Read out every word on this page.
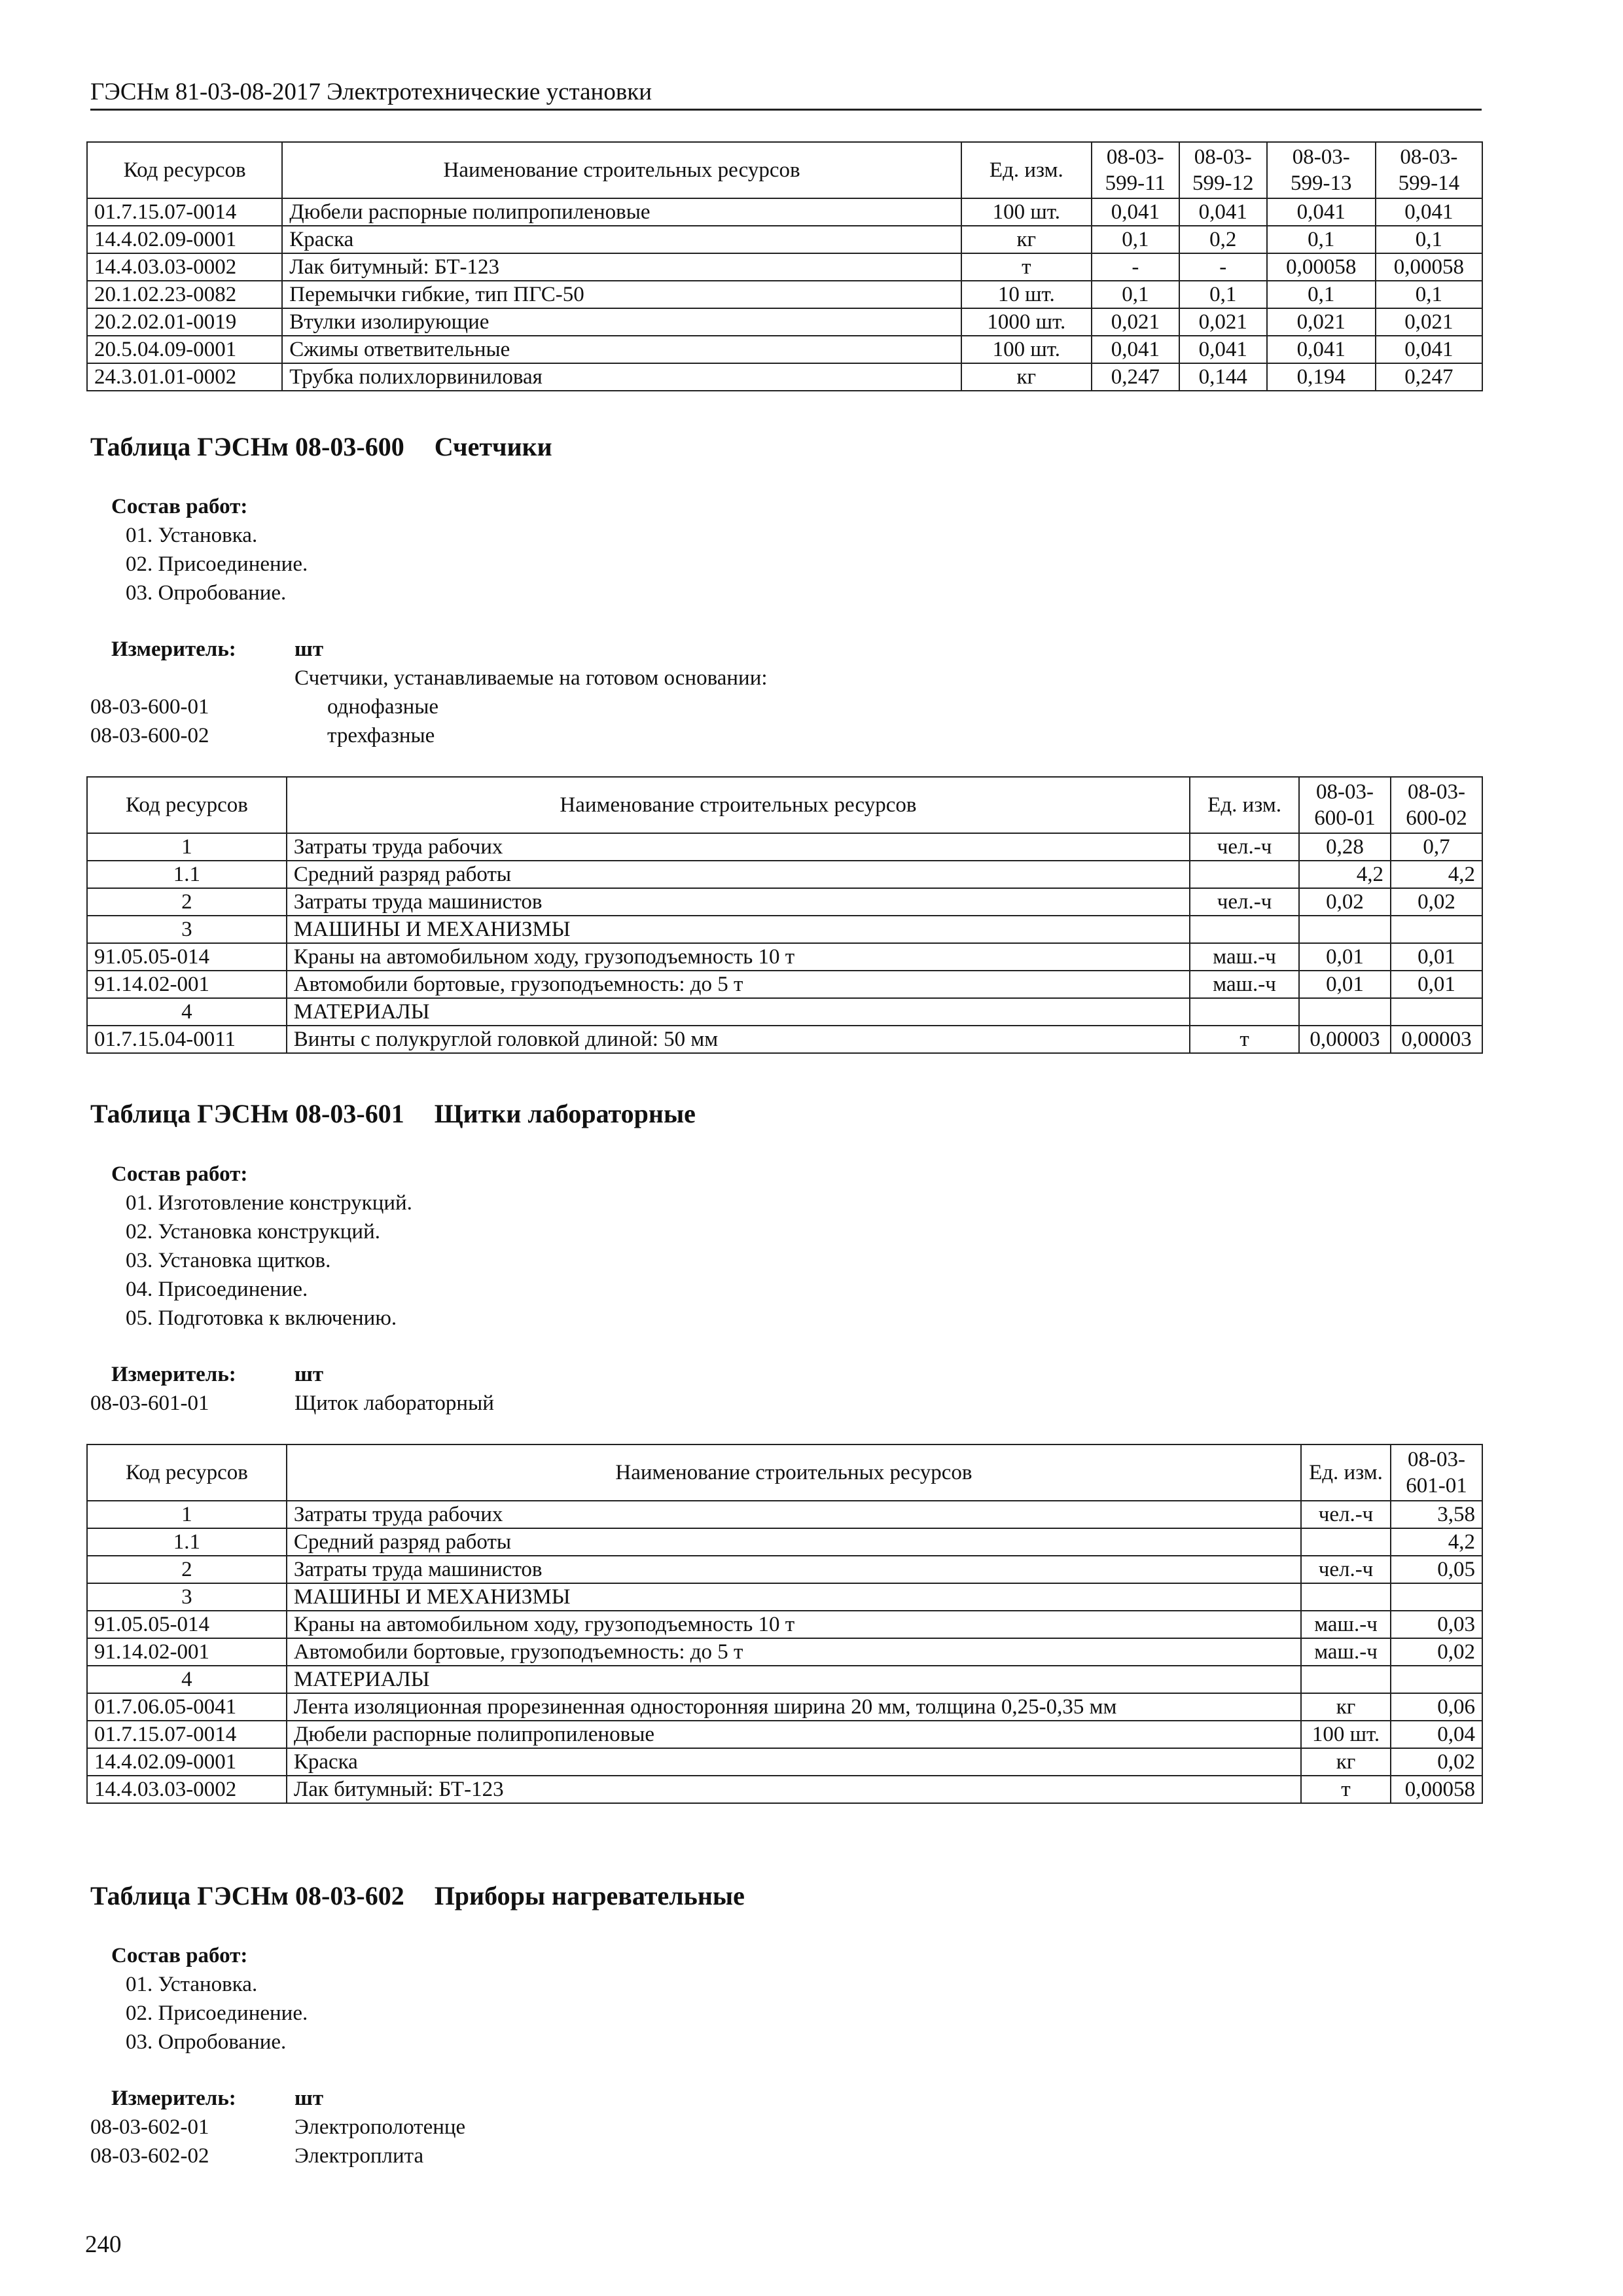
ГЭСНм 81-03-08-2017 Электротехнические установки
Код ресурсов	Наименование строительных ресурсов	Ед. изм.	08-03-599-11	08-03-599-12	08-03-599-13	08-03-599-14
01.7.15.07-0014	Дюбели распорные полипропиленовые	100 шт.	0,041	0,041	0,041	0,041
14.4.02.09-0001	Краска	кг	0,1	0,2	0,1	0,1
14.4.03.03-0002	Лак битумный: БТ-123	т	-	-	0,00058	0,00058
20.1.02.23-0082	Перемычки гибкие, тип ПГС-50	10 шт.	0,1	0,1	0,1	0,1
20.2.02.01-0019	Втулки изолирующие	1000 шт.	0,021	0,021	0,021	0,021
20.5.04.09-0001	Сжимы ответвительные	100 шт.	0,041	0,041	0,041	0,041
24.3.01.01-0002	Трубка полихлорвиниловая	кг	0,247	0,144	0,194	0,247
Таблица ГЭСНм 08-03-600 Счетчики
Состав работ:
01. Установка.
02. Присоединение.
03. Опробование.
Измеритель:	шт
Счетчики, устанавливаемые на готовом основании:
08-03-600-01	однофазные
08-03-600-02	трехфазные
Код ресурсов	Наименование строительных ресурсов	Ед. изм.	08-03-600-01	08-03-600-02
1	Затраты труда рабочих	чел.-ч	0,28	0,7
1.1	Средний разряд работы		4,2	4,2
2	Затраты труда машинистов	чел.-ч	0,02	0,02
3	МАШИНЫ И МЕХАНИЗМЫ			
91.05.05-014	Краны на автомобильном ходу, грузоподъемность 10 т	маш.-ч	0,01	0,01
91.14.02-001	Автомобили бортовые, грузоподъемность: до 5 т	маш.-ч	0,01	0,01
4	МАТЕРИАЛЫ			
01.7.15.04-0011	Винты с полукруглой головкой длиной: 50 мм	т	0,00003	0,00003
Таблица ГЭСНм 08-03-601 Щитки лабораторные
Состав работ:
01. Изготовление конструкций.
02. Установка конструкций.
03. Установка щитков.
04. Присоединение.
05. Подготовка к включению.
Измеритель:	шт
08-03-601-01	Щиток лабораторный
Код ресурсов	Наименование строительных ресурсов	Ед. изм.	08-03-601-01
1	Затраты труда рабочих	чел.-ч	3,58
1.1	Средний разряд работы		4,2
2	Затраты труда машинистов	чел.-ч	0,05
3	МАШИНЫ И МЕХАНИЗМЫ		
91.05.05-014	Краны на автомобильном ходу, грузоподъемность 10 т	маш.-ч	0,03
91.14.02-001	Автомобили бортовые, грузоподъемность: до 5 т	маш.-ч	0,02
4	МАТЕРИАЛЫ		
01.7.06.05-0041	Лента изоляционная прорезиненная односторонняя ширина 20 мм, толщина 0,25-0,35 мм	кг	0,06
01.7.15.07-0014	Дюбели распорные полипропиленовые	100 шт.	0,04
14.4.02.09-0001	Краска	кг	0,02
14.4.03.03-0002	Лак битумный: БТ-123	т	0,00058
Таблица ГЭСНм 08-03-602 Приборы нагревательные
Состав работ:
01. Установка.
02. Присоединение.
03. Опробование.
Измеритель:	шт
08-03-602-01	Электрополотенце
08-03-602-02	Электроплита
240
